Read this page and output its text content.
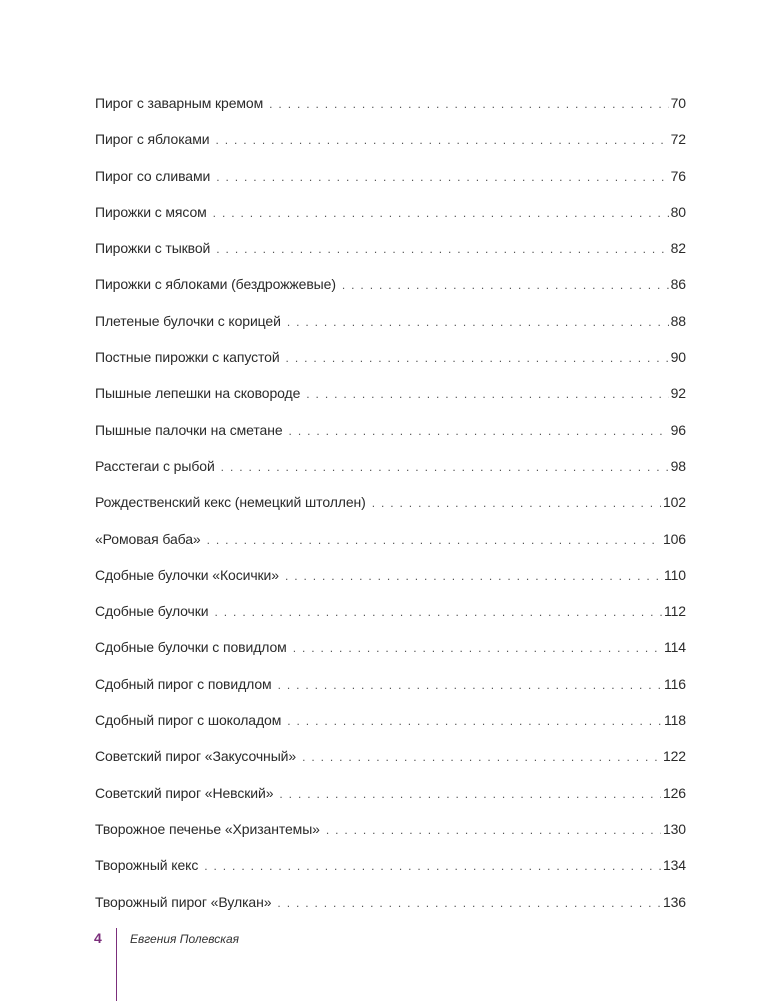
Пирог с заварным кремом . . .	70
Пирог с яблоками . . .	72
Пирог со сливами . . .	76
Пирожки с мясом . . .	80
Пирожки с тыквой . . .	82
Пирожки с яблоками (бездрожжевые) . . .	86
Плетеные булочки с корицей . . .	88
Постные пирожки с капустой . . .	90
Пышные лепешки на сковороде . . .	92
Пышные палочки на сметане . . .	96
Расстегаи с рыбой . . .	98
Рождественский кекс (немецкий штоллен) . . .	102
«Ромовая баба» . . .	106
Сдобные булочки «Косички» . . .	110
Сдобные булочки . . .	112
Сдобные булочки с повидлом . . .	114
Сдобный пирог с повидлом . . .	116
Сдобный пирог с шоколадом . . .	118
Советский пирог «Закусочный» . . .	122
Советский пирог «Невский» . . .	126
Творожное печенье «Хризантемы» . . .	130
Творожный кекс . . .	134
Творожный пирог «Вулкан» . . .	136
4 Евгения Полевская
